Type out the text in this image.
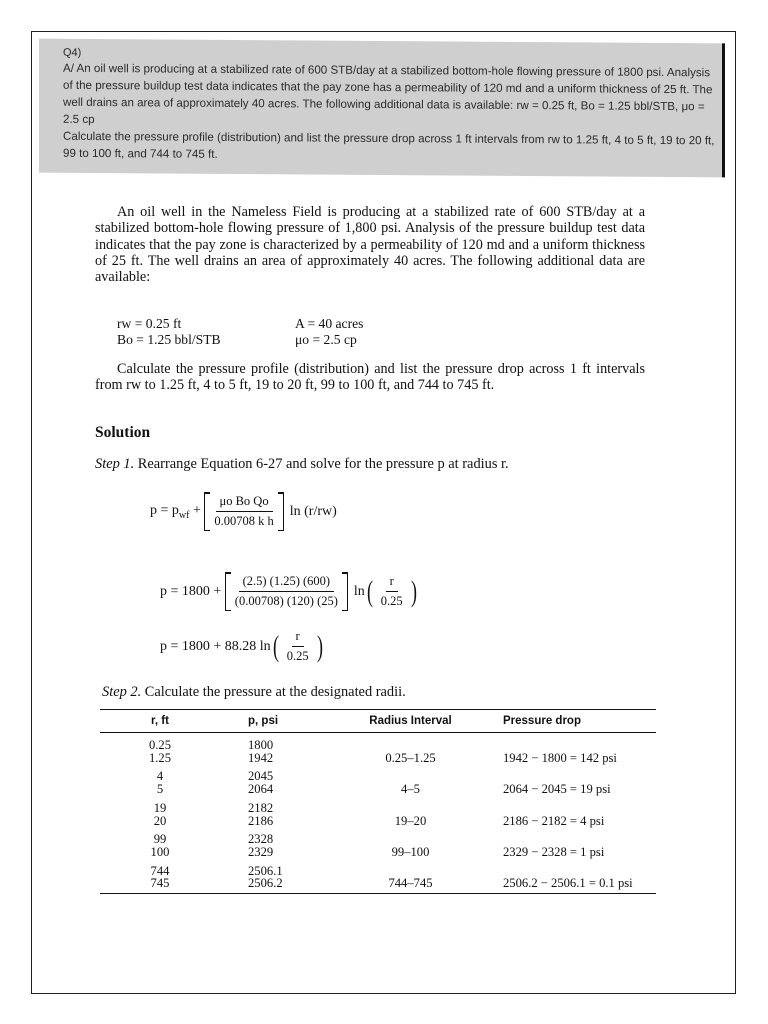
Q4)

A/ An oil well is producing at a stabilized rate of 600 STB/day at a stabilized bottom-hole flowing pressure of 1800 psi. Analysis of the pressure buildup test data indicates that the pay zone has a permeability of 120 md and a uniform thickness of 25 ft. The well drains an area of approximately 40 acres. The following additional data is available: rw = 0.25 ft, Bo = 1.25 bbl/STB, μo = 2.5 cp

Calculate the pressure profile (distribution) and list the pressure drop across 1 ft intervals from rw to 1.25 ft, 4 to 5 ft, 19 to 20 ft, 99 to 100 ft, and 744 to 745 ft.

An oil well in the Nameless Field is producing at a stabilized rate of 600 STB/day at a stabilized bottom-hole flowing pressure of 1,800 psi. Analysis of the pressure buildup test data indicates that the pay zone is characterized by a permeability of 120 md and a uniform thickness of 25 ft. The well drains an area of approximately 40 acres. The following additional data are available:

rw = 0.25 ft	A = 40 acres
Bo = 1.25 bbl/STB	μo = 2.5 cp

Calculate the pressure profile (distribution) and list the pressure drop across 1 ft intervals from rw to 1.25 ft, 4 to 5 ft, 19 to 20 ft, 99 to 100 ft, and 744 to 745 ft.

Solution
Step 1. Rearrange Equation 6-27 and solve for the pressure p at radius r.
$p = p_{wf} + \frac{\text{μo Bo Qo}}{\text{0.00708 k h}}$ ln (r/rw)
p = 1800 +
$\frac{(2.5) (1.25) (600)}{(0.00708) (120) (25)}$ ln ( $\frac{r}{0.25}$ )
p = 1800 + 88.28 ln ( $\frac{r}{0.25}$ )
Step 2. Calculate the pressure at the designated radii.
r, ft	p, psi	Radius Interval	Pressure drop

0.25	1800		
1.25	1942	0.25–1.25	1942 − 1800 = 142 psi

4	2045		
5	2064	4–5	2064 − 2045 = 19 psi

19	2182		
20	2186	19–20	2186 − 2182 = 4 psi

99	2328		
100	2329	99–100	2329 − 2328 = 1 psi

744	2506.1		
745	2506.2	744–745	2506.2 − 2506.1 = 0.1 psi
